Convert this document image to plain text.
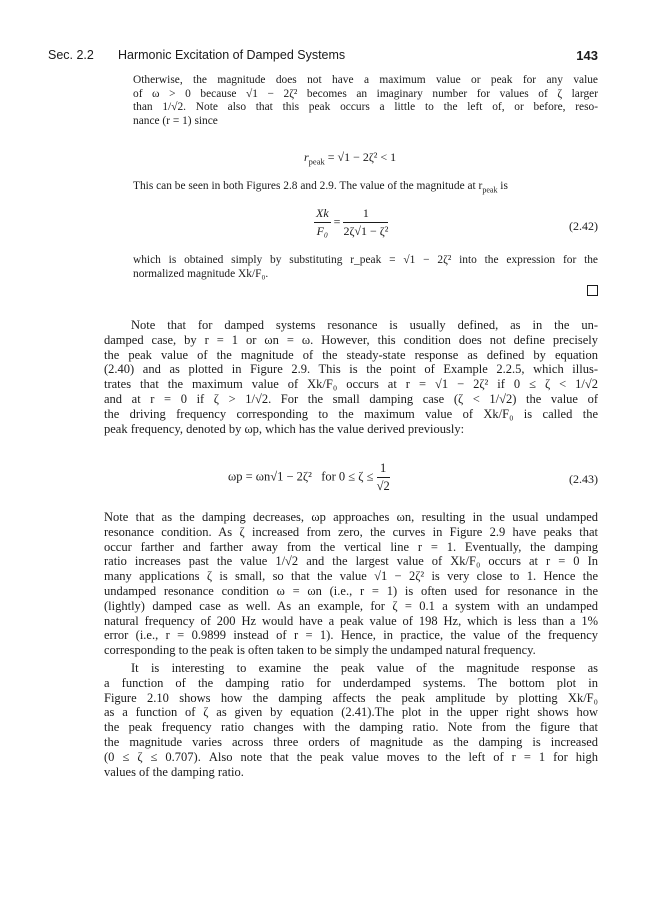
Sec. 2.2 Harmonic Excitation of Damped Systems	143
Otherwise, the magnitude does not have a maximum value or peak for any value
of ω > 0 because √1 − 2ζ² becomes an imaginary number for values of ζ larger
than 1/√2. Note also that this peak occurs a little to the left of, or before, reso-
nance (r = 1) since
$r_{peak} = √1 - 2\zeta^2 < 1$
This can be seen in both Figures 2.8 and 2.9. The value of the magnitude at $r_{peak}$ is
$\frac{Xk}{\text{F₀}} = \frac{1}{\text{2ζ√1 − ζ²}}$	(2.42)
which is obtained simply by substituting r_peak = √1 − 2ζ² into the expression for the
normalized magnitude Xk/F₀.
Note that for damped systems resonance is usually defined, as in the un-
damped case, by r = 1 or ωn = ω. However, this condition does not define precisely
the peak value of the magnitude of the steady-state response as defined by equation
(2.40) and as plotted in Figure 2.9. This is the point of Example 2.2.5, which illus-
trates that the maximum value of Xk/F₀ occurs at r = √1 − 2ζ² if 0 ≤ ζ < 1/√2
and at r = 0 if ζ > 1/√2. For the small damping case (ζ < 1/√2) the value of
the driving frequency corresponding to the maximum value of Xk/F₀ is called the
peak frequency, denoted by ωp, which has the value derived previously:
ωp = ωn√1 − 2ζ² for $0 \le \zeta \le \frac{1}{√2}$	(2.43)
Note that as the damping decreases, ωp approaches ωn, resulting in the usual undamped
resonance condition. As ζ increased from zero, the curves in Figure 2.9 have peaks that
occur farther and farther away from the vertical line r = 1. Eventually, the damping
ratio increases past the value 1/√2 and the largest value of Xk/F₀ occurs at r = 0 In
many applications ζ is small, so that the value √1 − 2ζ² is very close to 1. Hence the
undamped resonance condition ω = ωn (i.e., r = 1) is often used for resonance in the
(lightly) damped case as well. As an example, for ζ = 0.1 a system with an undamped
natural frequency of 200 Hz would have a peak value of 198 Hz, which is less than a 1%
error (i.e., r = 0.9899 instead of r = 1). Hence, in practice, the value of the frequency
corresponding to the peak is often taken to be simply the undamped natural frequency.
It is interesting to examine the peak value of the magnitude response as
a function of the damping ratio for underdamped systems. The bottom plot in
Figure 2.10 shows how the damping affects the peak amplitude by plotting Xk/F₀
as a function of ζ as given by equation (2.41).The plot in the upper right shows how
the peak frequency ratio changes with the damping ratio. Note from the figure that
the magnitude varies across three orders of magnitude as the damping is increased
(0 ≤ ζ ≤ 0.707). Also note that the peak value moves to the left of r = 1 for high
values of the damping ratio.
